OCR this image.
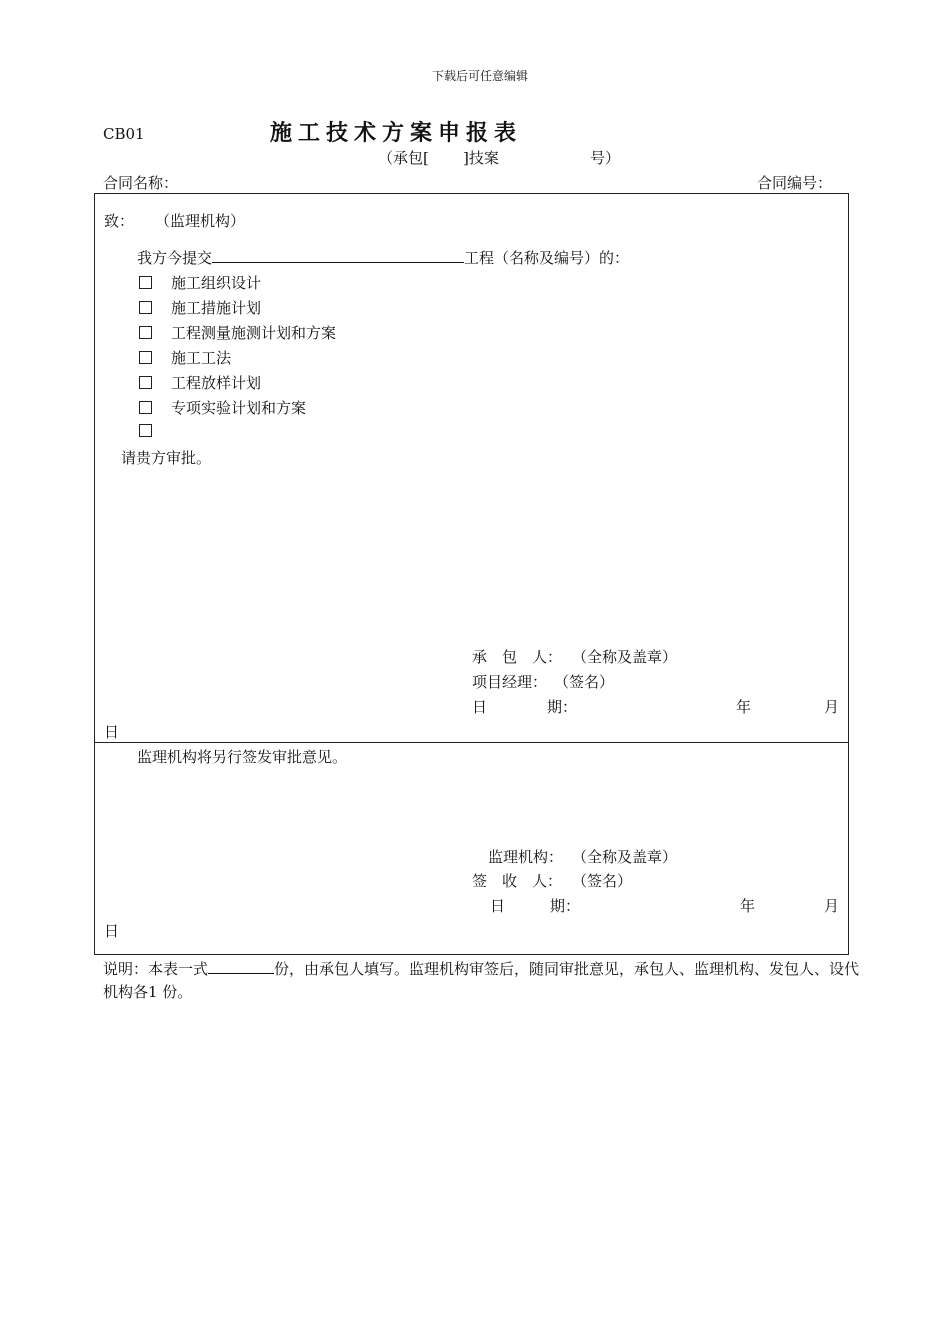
下载后可任意编辑
CB01	施工技术方案申报表
（承包[ ]技案	号）
合同名称：	合同编号：
致： （监理机构）
我方今提交	工程（名称及编号）的：
施工组织设计
施工措施计划
工程测量施测计划和方案
施工工法
工程放样计划
专项实验计划和方案
请贵方审批。
承　包　人： （全称及盖章）
项目经理： （签名）
日　　　　期：	年	月
日
监理机构将另行签发审批意见。
监理机构： （全称及盖章）
签　收　人： （签名）
日　　　期：	年	月
日
说明：本表一式	份，由承包人填写。监理机构审签后，随同审批意见，承包人、监理机构、发包人、设代机构各1 份。
